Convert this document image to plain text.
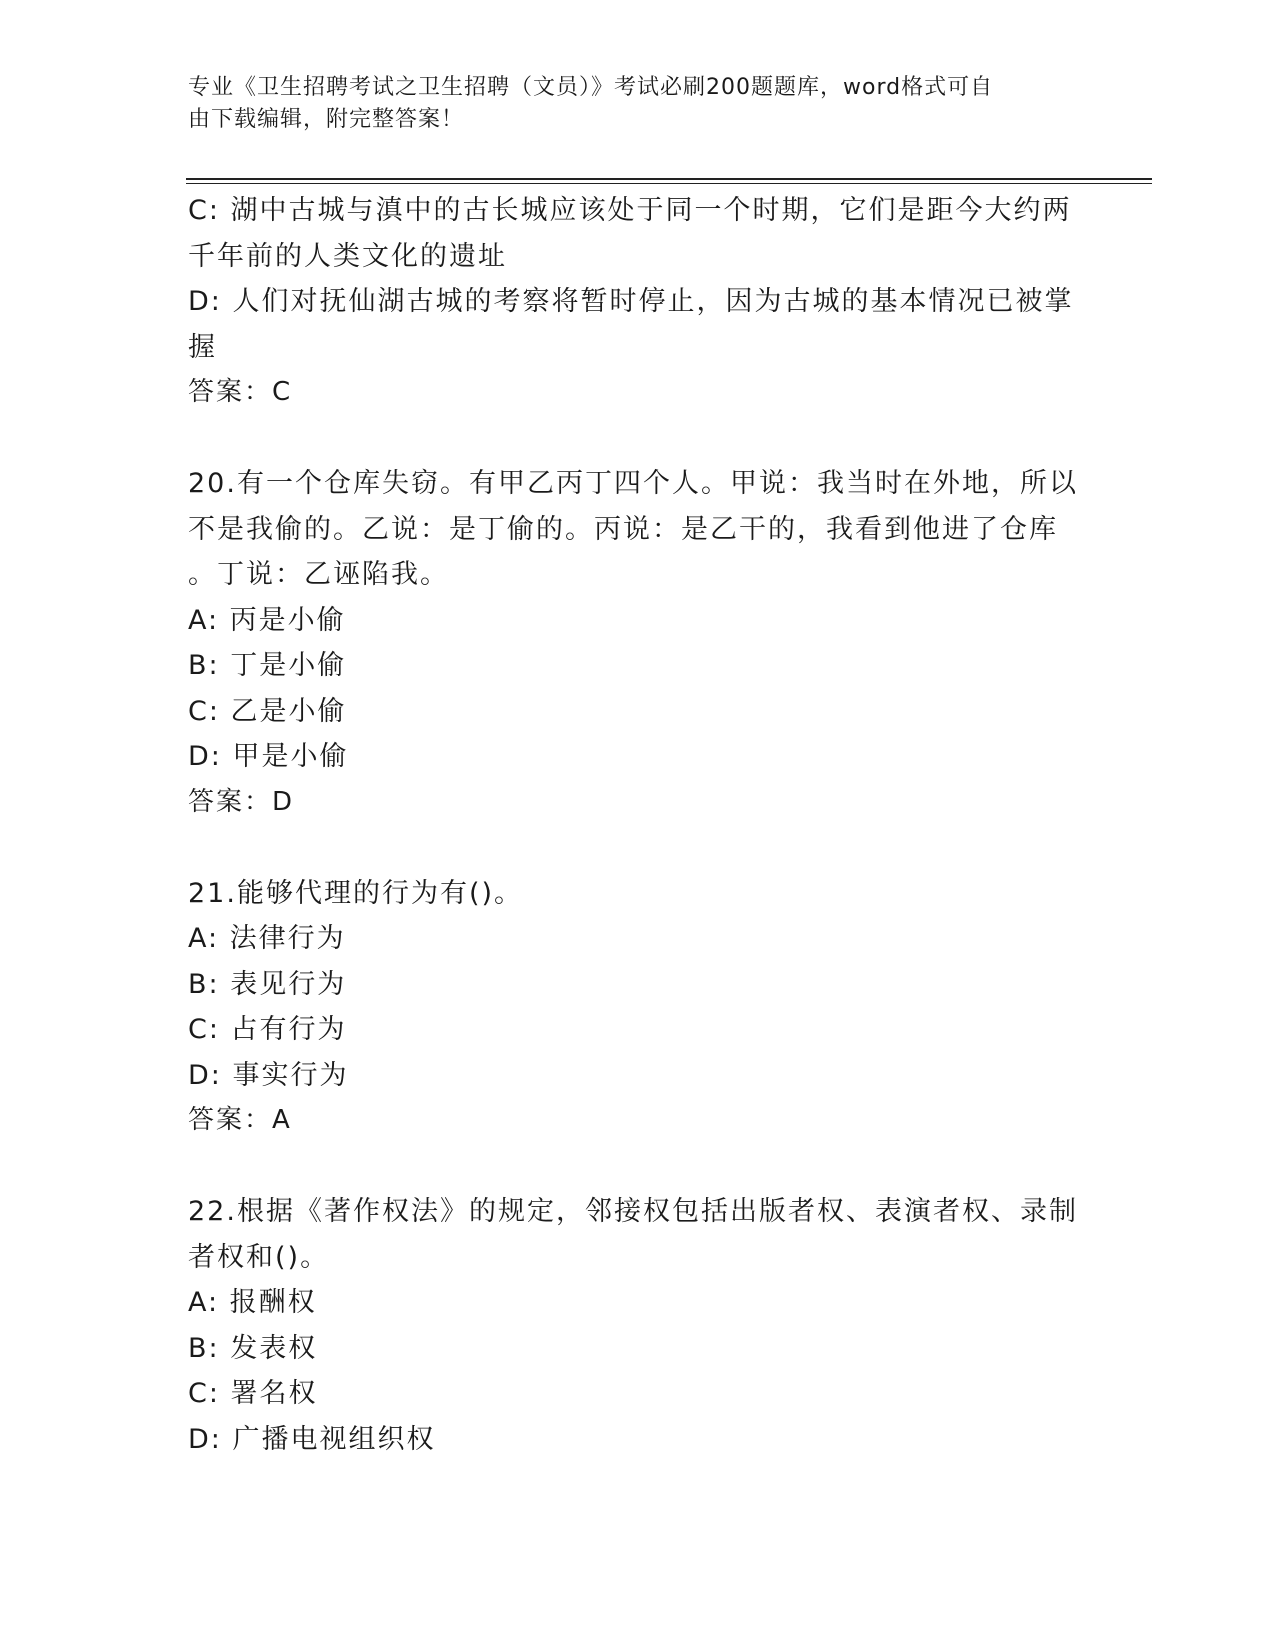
专业《卫生招聘考试之卫生招聘（文员）》考试必刷200题题库，word格式可自
由下载编辑，附完整答案！
C: 湖中古城与滇中的古长城应该处于同一个时期，它们是距今大约两
千年前的人类文化的遗址
D: 人们对抚仙湖古城的考察将暂时停止，因为古城的基本情况已被掌
握
答案：C
20.有一个仓库失窃。有甲乙丙丁四个人。甲说：我当时在外地，所以
不是我偷的。乙说：是丁偷的。丙说：是乙干的，我看到他进了仓库
。丁说：乙诬陷我。
A: 丙是小偷
B: 丁是小偷
C: 乙是小偷
D: 甲是小偷
答案：D
21.能够代理的行为有()。
A: 法律行为
B: 表见行为
C: 占有行为
D: 事实行为
答案：A
22.根据《著作权法》的规定，邻接权包括出版者权、表演者权、录制
者权和()。
A: 报酬权
B: 发表权
C: 署名权
D: 广播电视组织权
